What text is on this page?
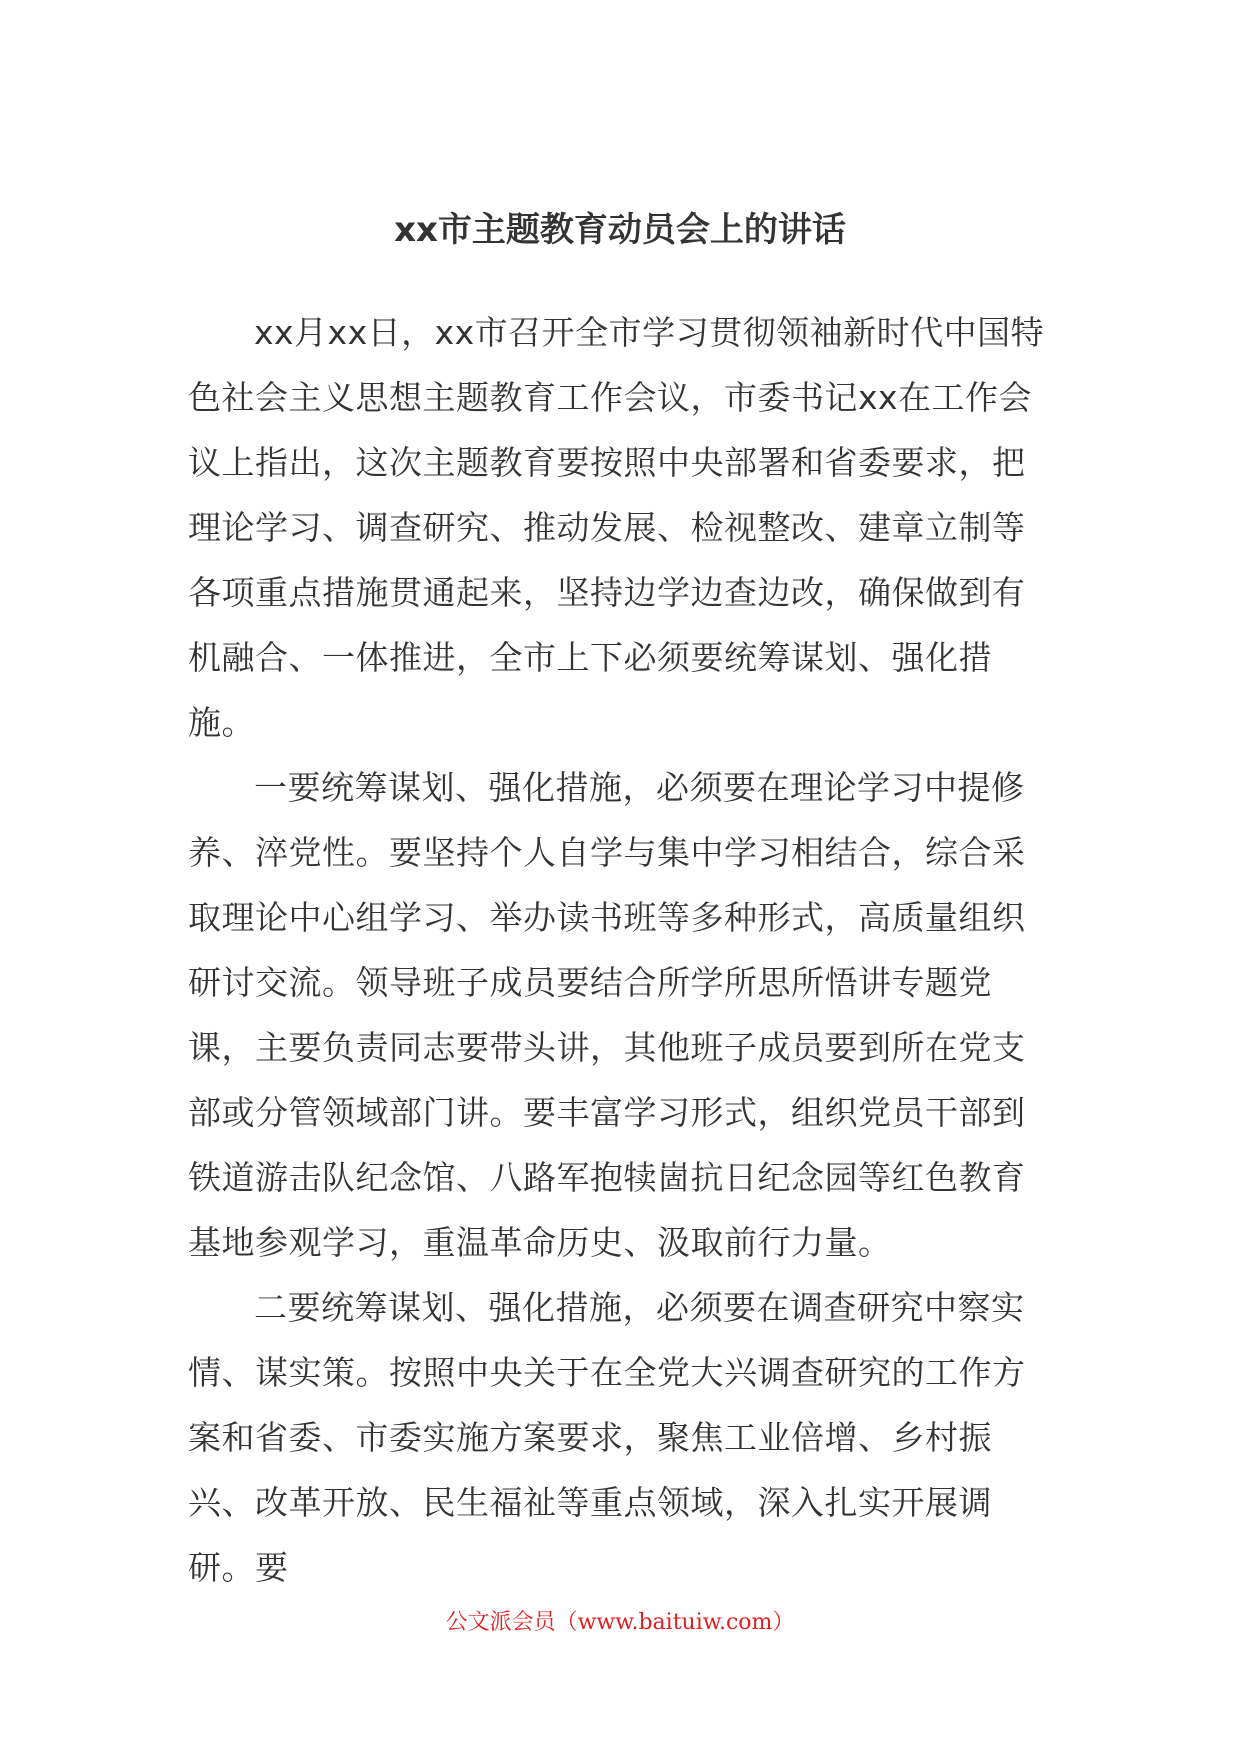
xx市主题教育动员会上的讲话

xx月xx日，xx市召开全市学习贯彻领袖新时代中国特色社会主义思想主题教育工作会议，市委书记xx在工作会议上指出，这次主题教育要按照中央部署和省委要求，把理论学习、调查研究、推动发展、检视整改、建章立制等各项重点措施贯通起来，坚持边学边查边改，确保做到有机融合、一体推进，全市上下必须要统筹谋划、强化措施。

一要统筹谋划、强化措施，必须要在理论学习中提修养、淬党性。要坚持个人自学与集中学习相结合，综合采取理论中心组学习、举办读书班等多种形式，高质量组织研讨交流。领导班子成员要结合所学所思所悟讲专题党课，主要负责同志要带头讲，其他班子成员要到所在党支部或分管领域部门讲。要丰富学习形式，组织党员干部到铁道游击队纪念馆、八路军抱犊崮抗日纪念园等红色教育基地参观学习，重温革命历史、汲取前行力量。

二要统筹谋划、强化措施，必须要在调查研究中察实情、谋实策。按照中央关于在全党大兴调查研究的工作方案和省委、市委实施方案要求，聚焦工业倍增、乡村振兴、改革开放、民生福祉等重点领域，深入扎实开展调研。要

公文派会员（www.baituiw.com）
